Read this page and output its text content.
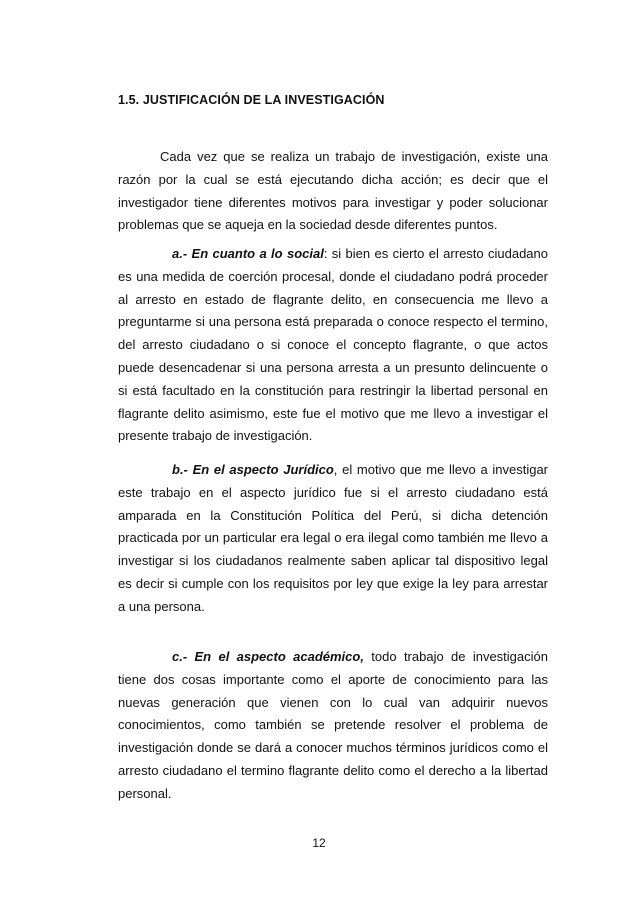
1.5. JUSTIFICACIÓN DE LA INVESTIGACIÓN

Cada vez que se realiza un trabajo de investigación, existe una razón por la cual se está ejecutando dicha acción; es decir que el investigador tiene diferentes motivos para investigar y poder solucionar problemas que se aqueja en la sociedad desde diferentes puntos.

a.- En cuanto a lo social: si bien es cierto el arresto ciudadano es una medida de coerción procesal, donde el ciudadano podrá proceder al arresto en estado de flagrante delito, en consecuencia me llevo a preguntarme si una persona está preparada o conoce respecto el termino, del arresto ciudadano o si conoce el concepto flagrante, o que actos puede desencadenar si una persona arresta a un presunto delincuente o si está facultado en la constitución para restringir la libertad personal en flagrante delito asimismo, este fue el motivo que me llevo a investigar el presente trabajo de investigación.

b.- En el aspecto Jurídico, el motivo que me llevo a investigar este trabajo en el aspecto jurídico fue si el arresto ciudadano está amparada en la Constitución Política del Perú, si dicha detención practicada por un particular era legal o era ilegal como también me llevo a investigar si los ciudadanos realmente saben aplicar tal dispositivo legal es decir si cumple con los requisitos por ley que exige la ley para arrestar a una persona.

c.- En el aspecto académico, todo trabajo de investigación tiene dos cosas importante como el aporte de conocimiento para las nuevas generación que vienen con lo cual van adquirir nuevos conocimientos, como también se pretende resolver el problema de investigación donde se dará a conocer muchos términos jurídicos como el arresto ciudadano el termino flagrante delito como el derecho a la libertad personal.

12
